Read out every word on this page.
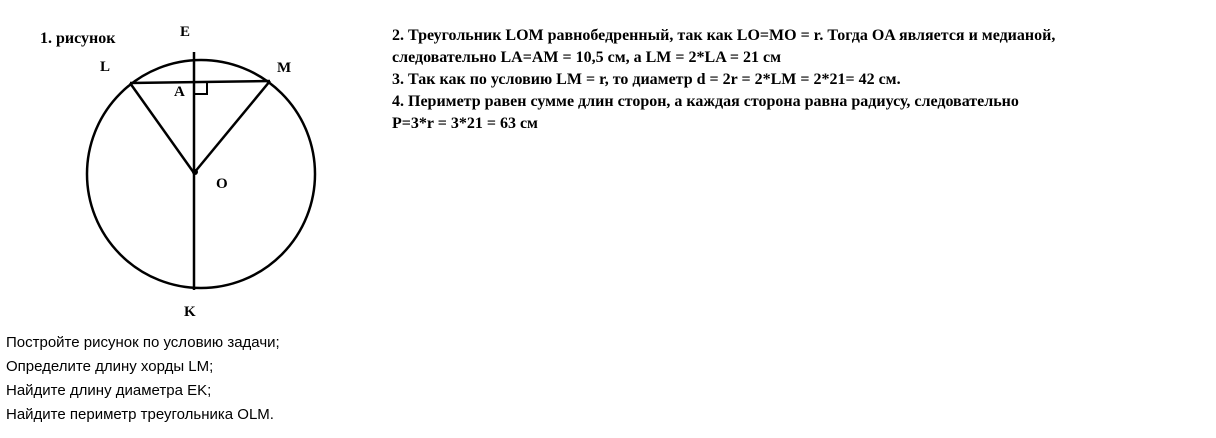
1. рисунок	E
L	M
A
O
K
2. Треугольник LOM равнобедренный, так как LO=MO = r. Тогда OA является и медианой,
следовательно LA=AM = 10,5 см, а LM = 2*LA = 21 см
3. Так как по условию LM = r, то диаметр d = 2r = 2*LM = 2*21= 42 см.
4. Периметр равен сумме длин сторон, а каждая сторона равна радиусу, следовательно
P=3*r = 3*21 = 63 см
Постройте рисунок по условию задачи;
Определите длину хорды LM;
Найдите длину диаметра EK;
Найдите периметр треугольника OLM.
